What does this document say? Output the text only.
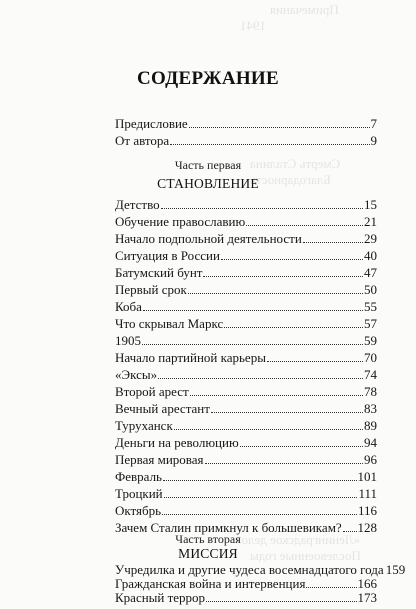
Примечания
1941
Смерть Сталина
Благодарность
«Ленинградское дело»
Послевоенные годы
СОДЕРЖАНИЕ
Предисловие	7
От автора	9
Часть первая
СТАНОВЛЕНИЕ
Детство	15
Обучение православию	21
Начало подпольной деятельности	29
Ситуация в России	40
Батумский бунт	47
Первый срок	50
Коба	55
Что скрывал Маркс	57
1905	59
Начало партийной карьеры	70
«Эксы»	74
Второй арест	78
Вечный арестант	83
Туруханск	89
Деньги на революцию	94
Первая мировая	96
Февраль	101
Троцкий	111
Октябрь	116
Зачем Сталин примкнул к большевикам? 128
Часть вторая
МИССИЯ
Учредилка и другие чудеса восемнадцатого года 159
Гражданская война и интервенция	166
Красный террор	173
